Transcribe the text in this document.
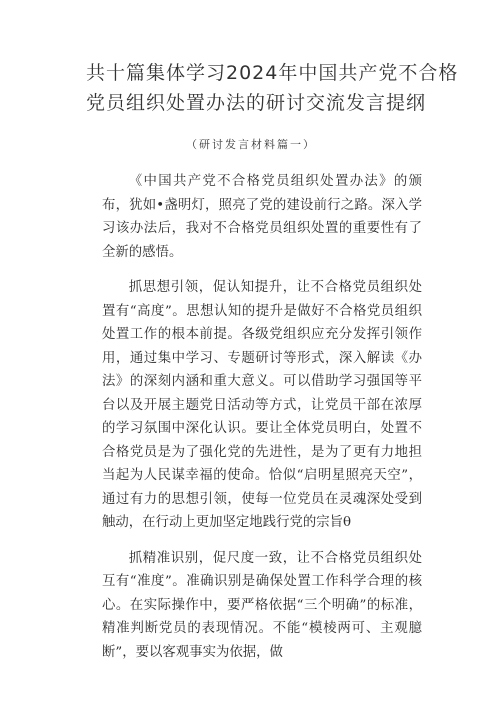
共十篇集体学习2024年中国共产党不合格
党员组织处置办法的研讨交流发言提纲
（研讨发言材料篇一）

《中国共产党不合格党员组织处置办法》的颁布，犹如•盏明灯，照亮了党的建设前行之路。深入学习该办法后，我对不合格党员组织处置的重要性有了全新的感悟。

抓思想引领，促认知提升，让不合格党员组织处置有“高度”。思想认知的提升是做好不合格党员组织处置工作的根本前提。各级党组织应充分发挥引领作用，通过集中学习、专题研讨等形式，深入解读《办法》的深刻内涵和重大意义。可以借助学习强国等平台以及开展主题党日活动等方式，让党员干部在浓厚的学习氛围中深化认识。要让全体党员明白，处置不合格党员是为了强化党的先进性，是为了更有力地担当起为人民谋幸福的使命。恰似“启明星照亮天空”，通过有力的思想引领，使每一位党员在灵魂深处受到触动，在行动上更加坚定地践行党的宗旨θ

抓精准识别，促尺度一致，让不合格党员组织处互有“准度”。准确识别是确保处置工作科学合理的核心。在实际操作中，要严格依据“三个明确”的标准，精准判断党员的表现情况。不能“模棱两可、主观臆断”，要以客观事实为依据，做
